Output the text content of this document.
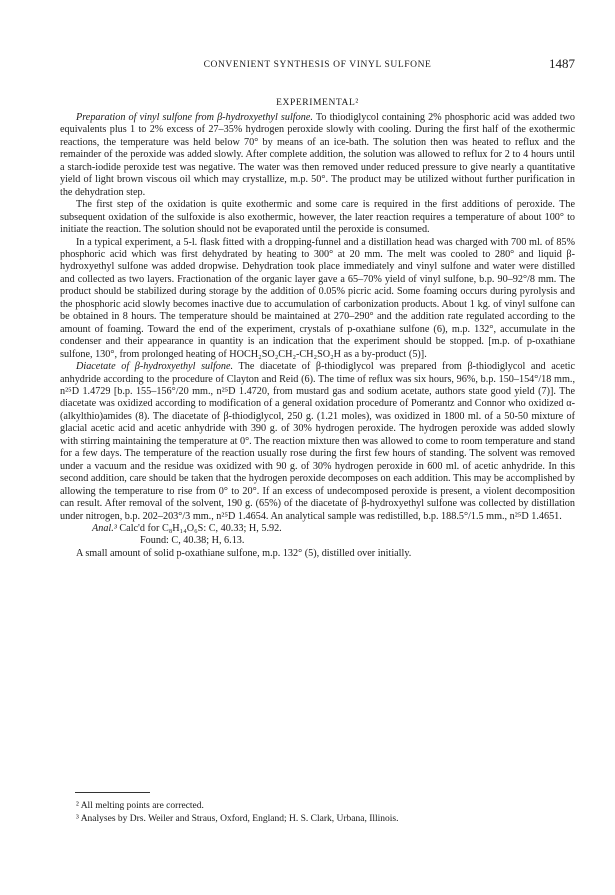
CONVENIENT SYNTHESIS OF VINYL SULFONE	1487
EXPERIMENTAL²

Preparation of vinyl sulfone from β-hydroxyethyl sulfone. To thiodiglycol containing 2% phosphoric acid was added two equivalents plus 1 to 2% excess of 27–35% hydrogen peroxide slowly with cooling. During the first half of the exothermic reactions, the temperature was held below 70° by means of an ice-bath. The solution then was heated to reflux and the remainder of the peroxide was added slowly. After complete addition, the solution was allowed to reflux for 2 to 4 hours until a starch-iodide peroxide test was negative. The water was then removed under reduced pressure to give nearly a quantitative yield of light brown viscous oil which may crystallize, m.p. 50°. The product may be utilized without further purification in the dehydration step.

The first step of the oxidation is quite exothermic and some care is required in the first additions of peroxide. The subsequent oxidation of the sulfoxide is also exothermic, however, the later reaction requires a temperature of about 100° to initiate the reaction. The solution should not be evaporated until the peroxide is consumed.

In a typical experiment, a 5-l. flask fitted with a dropping-funnel and a distillation head was charged with 700 ml. of 85% phosphoric acid which was first dehydrated by heating to 300° at 20 mm. The melt was cooled to 280° and liquid β-hydroxyethyl sulfone was added dropwise. Dehydration took place immediately and vinyl sulfone and water were distilled and collected as two layers. Fractionation of the organic layer gave a 65–70% yield of vinyl sulfone, b.p. 90–92°/8 mm. The product should be stabilized during storage by the addition of 0.05% picric acid. Some foaming occurs during pyrolysis and the phosphoric acid slowly becomes inactive due to accumulation of carbonization products. About 1 kg. of vinyl sulfone can be obtained in 8 hours. The temperature should be maintained at 270–290° and the addition rate regulated according to the amount of foaming. Toward the end of the experiment, crystals of p-oxathiane sulfone (6), m.p. 132°, accumulate in the condenser and their appearance in quantity is an indication that the experiment should be stopped. [m.p. of p-oxathiane sulfone, 130°, from prolonged heating of HOCH₂SO₂CH₂-CH₂SO₂H as a by-product (5)].

Diacetate of β-hydroxyethyl sulfone. The diacetate of β-thiodiglycol was prepared from β-thiodiglycol and acetic anhydride according to the procedure of Clayton and Reid (6). The time of reflux was six hours, 96%, b.p. 150–154°/18 mm., n²⁵D 1.4729 [b.p. 155–156°/20 mm., n²⁵D 1.4720, from mustard gas and sodium acetate, authors state good yield (7)]. The diacetate was oxidized according to modification of a general oxidation procedure of Pomerantz and Connor who oxidized α-(alkylthio)amides (8). The diacetate of β-thiodiglycol, 250 g. (1.21 moles), was oxidized in 1800 ml. of a 50-50 mixture of glacial acetic acid and acetic anhydride with 390 g. of 30% hydrogen peroxide. The hydrogen peroxide was added slowly with stirring maintaining the temperature at 0°. The reaction mixture then was allowed to come to room temperature and stand for a few days. The temperature of the reaction usually rose during the first few hours of standing. The solvent was removed under a vacuum and the residue was oxidized with 90 g. of 30% hydrogen peroxide in 600 ml. of acetic anhydride. In this second addition, care should be taken that the hydrogen peroxide decomposes on each addition. This may be accomplished by allowing the temperature to rise from 0° to 20°. If an excess of undecomposed peroxide is present, a violent decomposition can result. After removal of the solvent, 190 g. (65%) of the diacetate of β-hydroxyethyl sulfone was collected by distillation under nitrogen, b.p. 202–203°/3 mm., n²⁵D 1.4654. An analytical sample was redistilled, b.p. 188.5°/1.5 mm., n²⁵D 1.4651.

Anal.³ Calc'd for C₈H₁₄O₆S: C, 40.33; H, 5.92.

Found: C, 40.38; H, 6.13.

A small amount of solid p-oxathiane sulfone, m.p. 132° (5), distilled over initially.

² All melting points are corrected.

³ Analyses by Drs. Weiler and Straus, Oxford, England; H. S. Clark, Urbana, Illinois.
